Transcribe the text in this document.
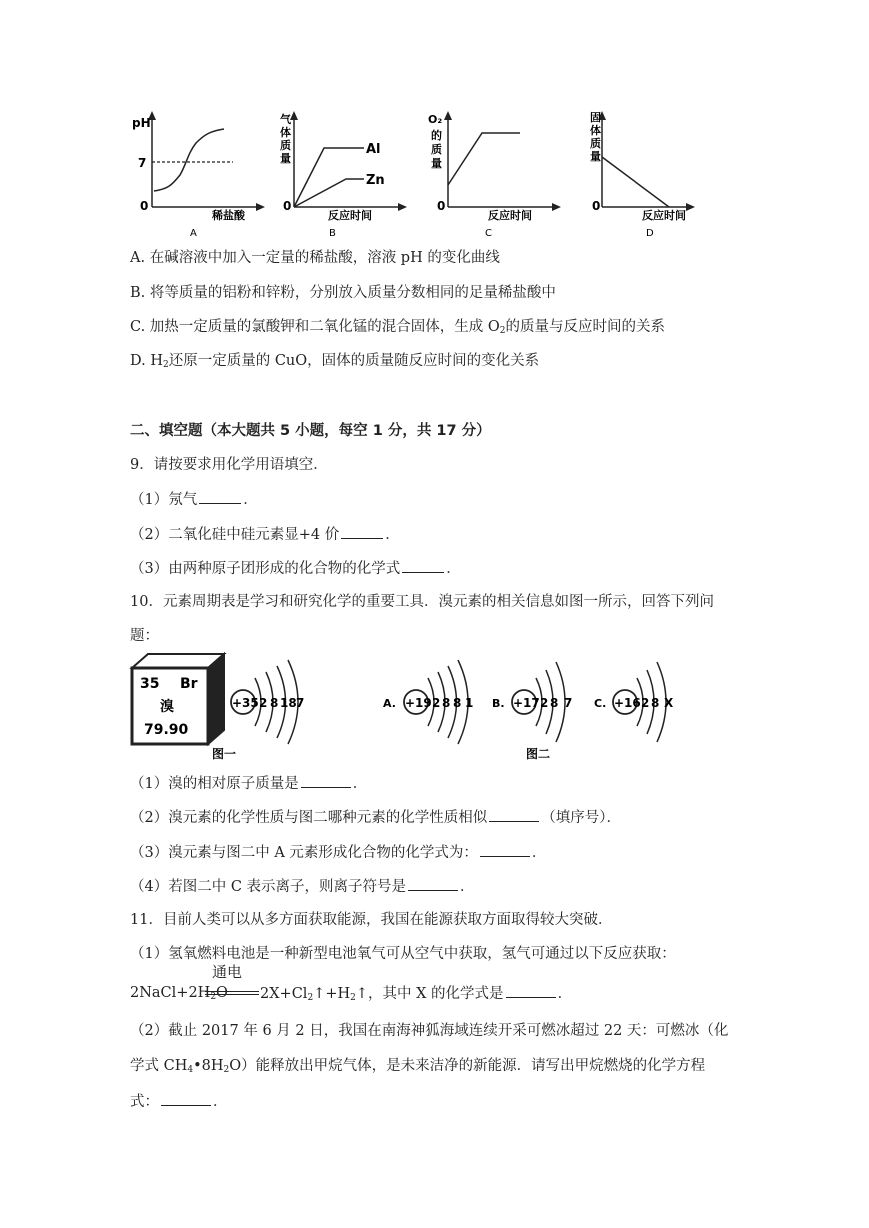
pH
7
0
稀盐酸
A
气
体
质
量
0
Al
Zn
反应时间
B
O₂
的
质
量
0
反应时间
C
固
体
质
量
0
反应时间
D
A. 在碱溶液中加入一定量的稀盐酸，溶液 pH 的变化曲线
B. 将等质量的铝粉和锌粉，分别放入质量分数相同的足量稀盐酸中
C. 加热一定质量的氯酸钾和二氧化锰的混合固体，生成 $O_2$的质量与反应时间的关系
D. $H_2$还原一定质量的 CuO，固体的质量随反应时间的变化关系
二、填空题（本大题共 5 小题，每空 1 分，共 17 分）
9．请按要求用化学用语填空．
（1）氖气	．
（2）二氧化硅中硅元素显+4 价	．
（3）由两种原子团形成的化合物的化学式	．
10．元素周期表是学习和研究化学的重要工具．溴元素的相关信息如图一所示，回答下列问
题：
35 Br
溴
79.90
+35 2 8 18 7
图一
A. +19 2 8 8 1 B. +17 2 8 7 C. +16 2 8 X
图二
（1）溴的相对原子质量是	．
（2）溴元素的化学性质与图二哪种元素的化学性质相似	（填序号）．
（3）溴元素与图二中 A 元素形成化合物的化学式为：	．
（4）若图二中 C 表示离子，则离子符号是	．
11．目前人类可以从多方面获取能源，我国在能源获取方面取得较大突破．
（1）氢氧燃料电池是一种新型电池氧气可从空气中获取，氢气可通过以下反应获取：
通电
$2NaCl+2H_2O$ $2X+Cl_2↑+H_2↑$，其中 X 的化学式是	．
（2）截止 2017 年 6 月 2 日，我国在南海神狐海域连续开采可燃冰超过 22 天：可燃冰（化
学式 $CH_4•8H_2O$）能释放出甲烷气体，是未来洁净的新能源．请写出甲烷燃烧的化学方程
式：	．
